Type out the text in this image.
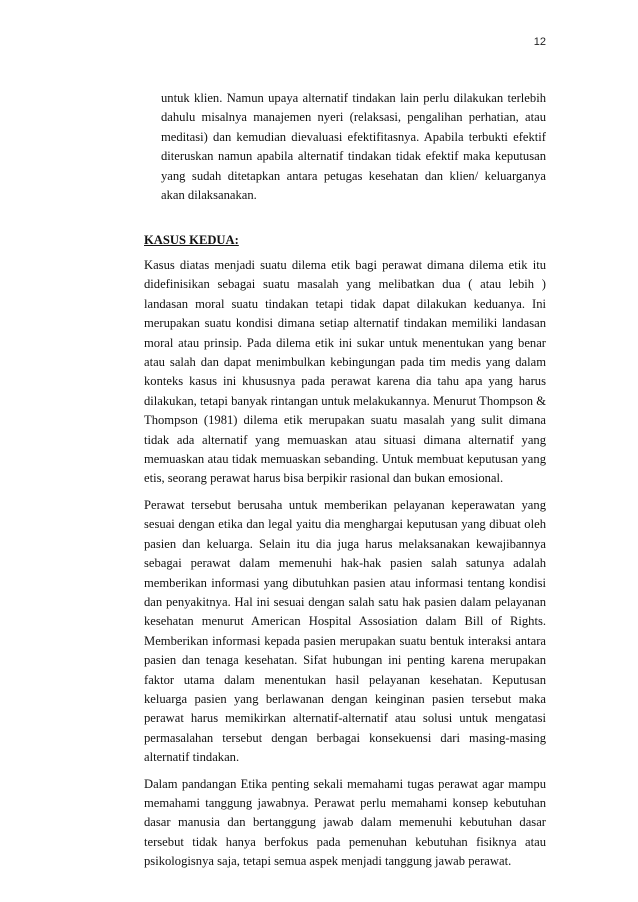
12

untuk klien. Namun upaya alternatif tindakan lain perlu dilakukan terlebih dahulu misalnya manajemen nyeri (relaksasi, pengalihan perhatian, atau meditasi) dan kemudian dievaluasi efektifitasnya. Apabila terbukti efektif diteruskan namun apabila alternatif tindakan tidak efektif maka keputusan yang sudah ditetapkan antara petugas kesehatan dan klien/ keluarganya akan dilaksanakan.

KASUS KEDUA:

Kasus diatas menjadi suatu dilema etik bagi perawat dimana dilema etik itu didefinisikan sebagai suatu masalah yang melibatkan dua ( atau lebih ) landasan moral suatu tindakan tetapi tidak dapat dilakukan keduanya. Ini merupakan suatu kondisi dimana setiap alternatif tindakan memiliki landasan moral atau prinsip. Pada dilema etik ini sukar untuk menentukan yang benar atau salah dan dapat menimbulkan kebingungan pada tim medis yang dalam konteks kasus ini khususnya pada perawat karena dia tahu apa yang harus dilakukan, tetapi banyak rintangan untuk melakukannya. Menurut Thompson & Thompson (1981) dilema etik merupakan suatu masalah yang sulit dimana tidak ada alternatif yang memuaskan atau situasi dimana alternatif yang memuaskan atau tidak memuaskan sebanding. Untuk membuat keputusan yang etis, seorang perawat harus bisa berpikir rasional dan bukan emosional.

Perawat tersebut berusaha untuk memberikan pelayanan keperawatan yang sesuai dengan etika dan legal yaitu dia menghargai keputusan yang dibuat oleh pasien dan keluarga. Selain itu dia juga harus melaksanakan kewajibannya sebagai perawat dalam memenuhi hak-hak pasien salah satunya adalah memberikan informasi yang dibutuhkan pasien atau informasi tentang kondisi dan penyakitnya. Hal ini sesuai dengan salah satu hak pasien dalam pelayanan kesehatan menurut American Hospital Assosiation dalam Bill of Rights. Memberikan informasi kepada pasien merupakan suatu bentuk interaksi antara pasien dan tenaga kesehatan. Sifat hubungan ini penting karena merupakan faktor utama dalam menentukan hasil pelayanan kesehatan. Keputusan keluarga pasien yang berlawanan dengan keinginan pasien tersebut maka perawat harus memikirkan alternatif-alternatif atau solusi untuk mengatasi permasalahan tersebut dengan berbagai konsekuensi dari masing-masing alternatif tindakan.

Dalam pandangan Etika penting sekali memahami tugas perawat agar mampu memahami tanggung jawabnya. Perawat perlu memahami konsep kebutuhan dasar manusia dan bertanggung jawab dalam memenuhi kebutuhan dasar tersebut tidak hanya berfokus pada pemenuhan kebutuhan fisiknya atau psikologisnya saja, tetapi semua aspek menjadi tanggung jawab perawat.
